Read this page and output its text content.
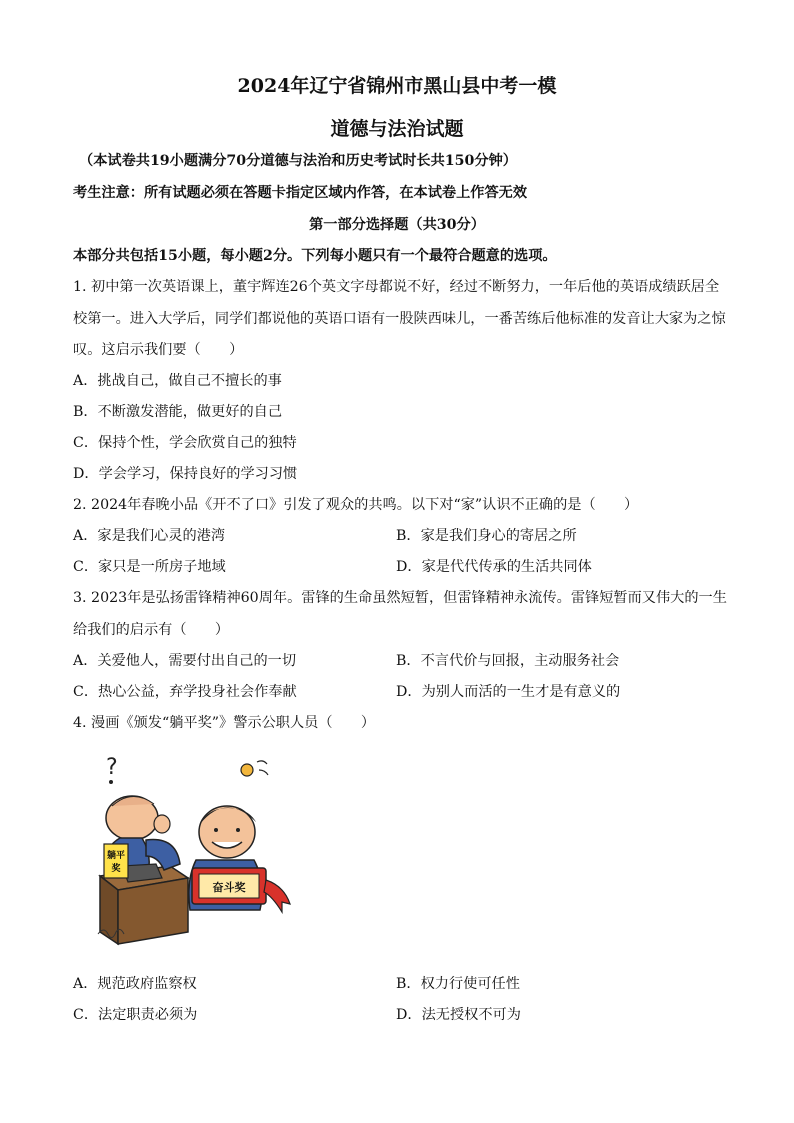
2024年辽宁省锦州市黑山县中考一模
道德与法治试题
（本试卷共19小题满分70分道德与法治和历史考试时长共150分钟）
考生注意：所有试题必须在答题卡指定区域内作答，在本试卷上作答无效
第一部分选择题（共30分）
本部分共包括15小题，每小题2分。下列每小题只有一个最符合题意的选项。
1. 初中第一次英语课上，董宇辉连26个英文字母都说不好，经过不断努力，一年后他的英语成绩跃居全
校第一。进入大学后，同学们都说他的英语口语有一股陕西味儿，一番苦练后他标准的发音让大家为之惊
叹。这启示我们要（　　）
A．挑战自己，做自己不擅长的事
B．不断激发潜能，做更好的自己
C．保持个性，学会欣赏自己的独特
D．学会学习，保持良好的学习习惯
2. 2024年春晚小品《开不了口》引发了观众的共鸣。以下对“家”认识不正确的是（　　）
A．家是我们心灵的港湾	B．家是我们身心的寄居之所
C．家只是一所房子地域	D．家是代代传承的生活共同体
3. 2023年是弘扬雷锋精神60周年。雷锋的生命虽然短暂，但雷锋精神永流传。雷锋短暂而又伟大的一生
给我们的启示有（　　）
A．关爱他人，需要付出自己的一切	B．不言代价与回报，主动服务社会
C．热心公益，弃学投身社会作奉献	D．为别人而活的一生才是有意义的
4. 漫画《颁发“躺平奖”》警示公职人员（　　）
?
躺平
奖
奋斗奖
A．规范政府监察权	B．权力行使可任性
C．法定职责必须为	D．法无授权不可为
